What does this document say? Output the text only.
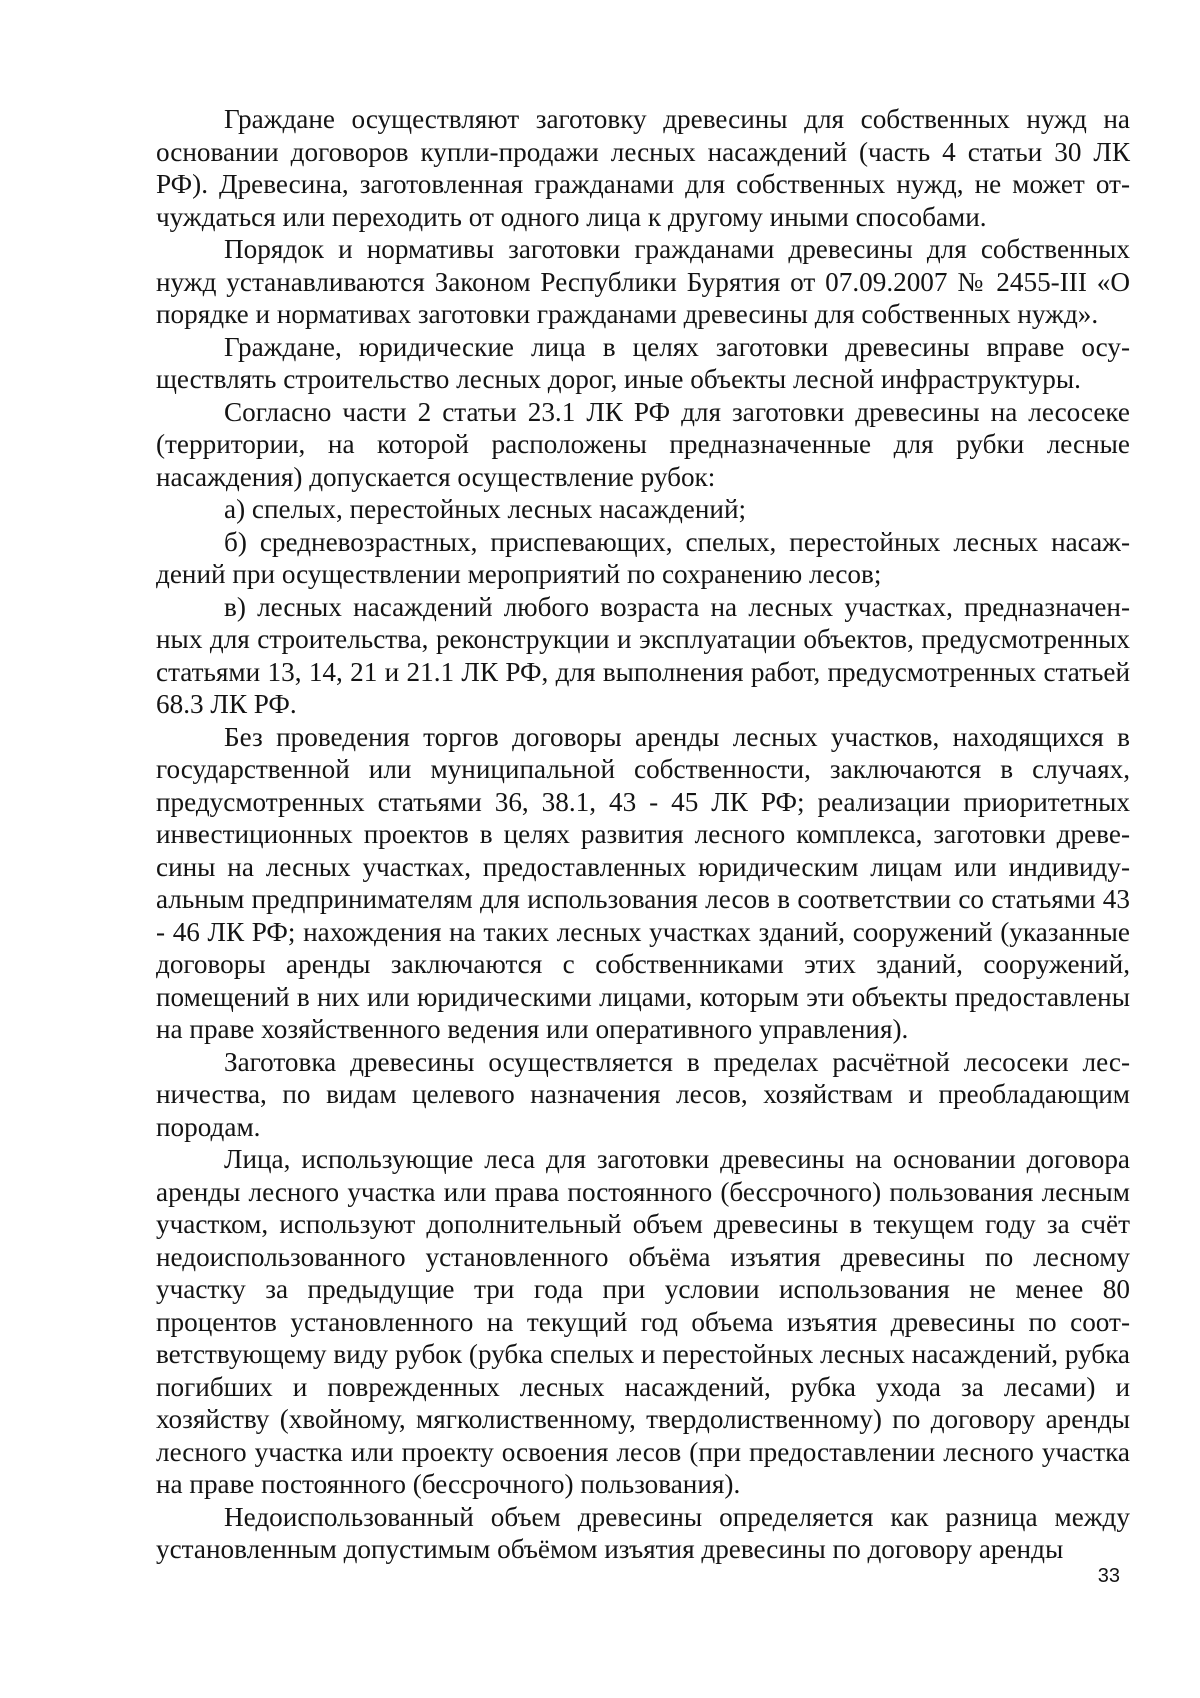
Граждане осуществляют заготовку древесины для собственных нужд на основании договоров купли-продажи лесных насаждений (часть 4 статьи 30 ЛК РФ). Древесина, заготовленная гражданами для собственных нужд, не может отчуждаться или переходить от одного лица к другому иными способами.

Порядок и нормативы заготовки гражданами древесины для собственных нужд устанавливаются Законом Республики Бурятия от 07.09.2007 № 2455-III «О порядке и нормативах заготовки гражданами древесины для собственных нужд».

Граждане, юридические лица в целях заготовки древесины вправе осуществлять строительство лесных дорог, иные объекты лесной инфраструктуры.

Согласно части 2 статьи 23.1 ЛК РФ для заготовки древесины на лесосеке (территории, на которой расположены предназначенные для рубки лесные насаждения) допускается осуществление рубок:

а) спелых, перестойных лесных насаждений;

б) средневозрастных, приспевающих, спелых, перестойных лесных насаждений при осуществлении мероприятий по сохранению лесов;

в) лесных насаждений любого возраста на лесных участках, предназначенных для строительства, реконструкции и эксплуатации объектов, предусмотренных статьями 13, 14, 21 и 21.1 ЛК РФ, для выполнения работ, предусмотренных статьей 68.3 ЛК РФ.

Без проведения торгов договоры аренды лесных участков, находящихся в государственной или муниципальной собственности, заключаются в случаях, предусмотренных статьями 36, 38.1, 43 - 45 ЛК РФ; реализации приоритетных инвестиционных проектов в целях развития лесного комплекса, заготовки древесины на лесных участках, предоставленных юридическим лицам или индивидуальным предпринимателям для использования лесов в соответствии со статьями 43 - 46 ЛК РФ; нахождения на таких лесных участках зданий, сооружений (указанные договоры аренды заключаются с собственниками этих зданий, сооружений, помещений в них или юридическими лицами, которым эти объекты предоставлены на праве хозяйственного ведения или оперативного управления).

Заготовка древесины осуществляется в пределах расчётной лесосеки лесничества, по видам целевого назначения лесов, хозяйствам и преобладающим породам.

Лица, использующие леса для заготовки древесины на основании договора аренды лесного участка или права постоянного (бессрочного) пользования лесным участком, используют дополнительный объем древесины в текущем году за счёт недоиспользованного установленного объёма изъятия древесины по лесному участку за предыдущие три года при условии использования не менее 80 процентов установленного на текущий год объема изъятия древесины по соответствующему виду рубок (рубка спелых и перестойных лесных насаждений, рубка погибших и поврежденных лесных насаждений, рубка ухода за лесами) и хозяйству (хвойному, мягколиственному, твердолиственному) по договору аренды лесного участка или проекту освоения лесов (при предоставлении лесного участка на праве постоянного (бессрочного) пользования).

Недоиспользованный объем древесины определяется как разница между установленным допустимым объёмом изъятия древесины по договору аренды

33
